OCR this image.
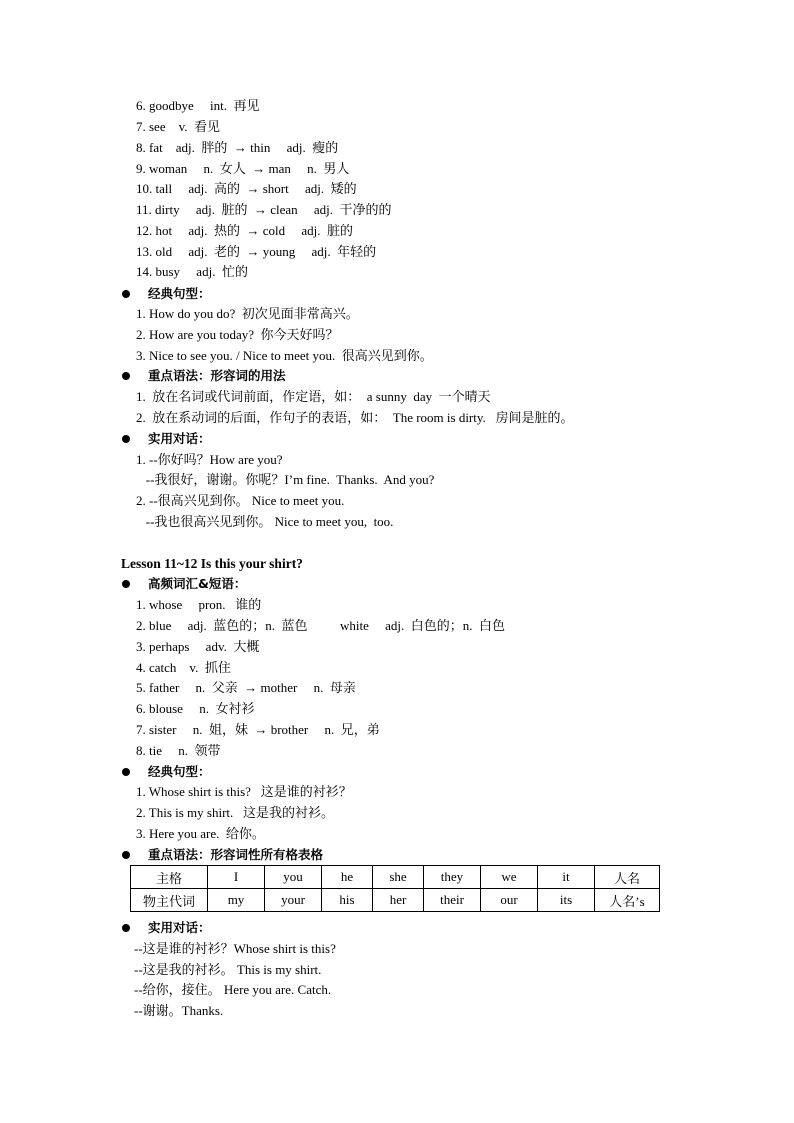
6. goodbye     int.  再见
7. see    v.  看见
8. fat    adj.  胖的  → thin     adj.  瘦的
9. woman     n.  女人  → man     n.  男人
10. tall     adj.  高的  → short     adj.  矮的
11. dirty     adj.  脏的  → clean     adj.  干净的的
12. hot     adj.  热的  → cold     adj.  脏的
13. old     adj.  老的  → young     adj.  年轻的
14. busy     adj.  忙的
经典句型：
1. How do you do?  初次见面非常高兴。
2. How are you today?  你今天好吗？
3. Nice to see you. / Nice to meet you.  很高兴见到你。
重点语法：形容词的用法
1.  放在名词或代词前面，作定语，如：  a sunny  day  一个晴天
2.  放在系动词的后面，作句子的表语，如：  The room is dirty.   房间是脏的。
实用对话：
1. --你好吗？How are you?
--我很好，谢谢。你呢？I’m fine.  Thanks.  And you?
2. --很高兴见到你。 Nice to meet you.
--我也很高兴见到你。 Nice to meet you,  too.
Lesson 11~12 Is this your shirt?
高频词汇&短语：
1. whose     pron.   谁的
2. blue     adj.  蓝色的；n.  蓝色          white     adj.  白色的；n.  白色
3. perhaps     adv.  大概
4. catch    v.  抓住
5. father     n.  父亲  → mother     n.  母亲
6. blouse     n.  女衬衫
7. sister     n.  姐，妹  → brother     n.  兄，弟
8. tie     n.  领带
经典句型：
1. Whose shirt is this?   这是谁的衬衫？
2. This is my shirt.   这是我的衬衫。
3. Here you are.  给你。
重点语法：形容词性所有格表格
主格	I	you	he	she	they	we	it	人名
物主代词	my	your	his	her	their	our	its	人名’s
实用对话：
--这是谁的衬衫？Whose shirt is this?
--这是我的衬衫。 This is my shirt.
--给你，接住。 Here you are. Catch.
--谢谢。Thanks.
